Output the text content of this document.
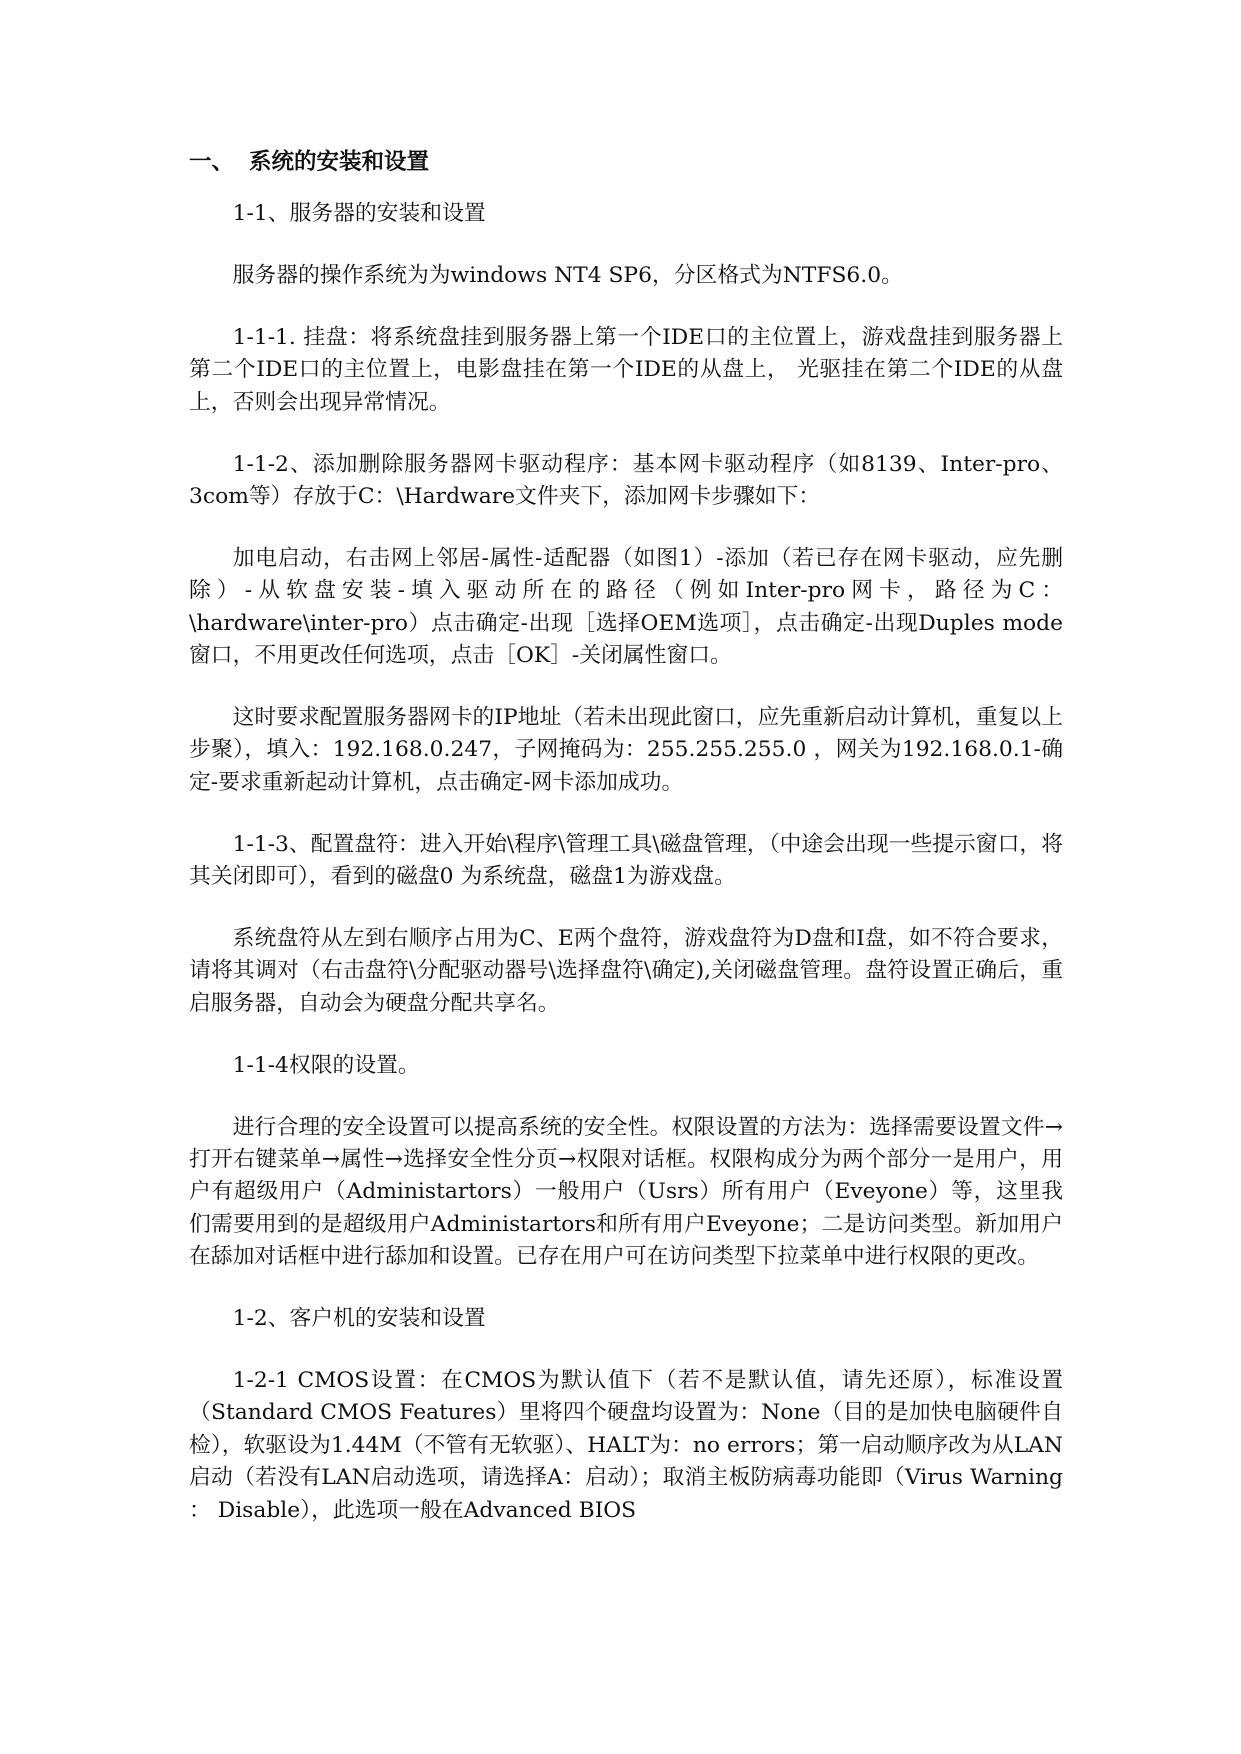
一、 系统的安装和设置

1-1、服务器的安装和设置

服务器的操作系统为为windows NT4 SP6，分区格式为NTFS6.0。

1-1-1. 挂盘：将系统盘挂到服务器上第一个IDE口的主位置上，游戏盘挂到服务器上第二个IDE口的主位置上，电影盘挂在第一个IDE的从盘上， 光驱挂在第二个IDE的从盘上，否则会出现异常情况。

1-1-2、添加删除服务器网卡驱动程序：基本网卡驱动程序（如8139、Inter-pro、3com等）存放于C：\Hardware文件夹下，添加网卡步骤如下：

加电启动，右击网上邻居-属性-适配器（如图1）-添加（若已存在网卡驱动，应先删除）-从软盘安装-填入驱动所在的路径（例如Inter-pro网卡，路径为C：\hardware\inter-pro）点击确定-出现［选择OEM选项］，点击确定-出现Duples mode窗口，不用更改任何选项，点击［OK］-关闭属性窗口。

这时要求配置服务器网卡的IP地址（若未出现此窗口，应先重新启动计算机，重复以上步聚），填入：192.168.0.247，子网掩码为：255.255.255.0 ，网关为192.168.0.1-确定-要求重新起动计算机，点击确定-网卡添加成功。

1-1-3、配置盘符：进入开始\程序\管理工具\磁盘管理，（中途会出现一些提示窗口，将其关闭即可），看到的磁盘0 为系统盘，磁盘1为游戏盘。

系统盘符从左到右顺序占用为C、E两个盘符，游戏盘符为D盘和I盘，如不符合要求，请将其调对（右击盘符\分配驱动器号\选择盘符\确定),关闭磁盘管理。盘符设置正确后，重启服务器，自动会为硬盘分配共享名。

1-1-4权限的设置。

进行合理的安全设置可以提高系统的安全性。权限设置的方法为：选择需要设置文件→打开右键菜单→属性→选择安全性分页→权限对话框。权限构成分为两个部分一是用户，用户有超级用户（Administartors）一般用户（Usrs）所有用户（Eveyone）等，这里我们需要用到的是超级用户Administartors和所有用户Eveyone；二是访问类型。新加用户在舔加对话框中进行舔加和设置。已存在用户可在访问类型下拉菜单中进行权限的更改。

1-2、客户机的安装和设置

1-2-1 CMOS设置：在CMOS为默认值下（若不是默认值，请先还原），标准设置（Standard CMOS Features）里将四个硬盘均设置为：None（目的是加快电脑硬件自检），软驱设为1.44M（不管有无软驱）、HALT为：no errors；第一启动顺序改为从LAN启动（若没有LAN启动选项，请选择A：启动）；取消主板防病毒功能即（Virus Warning ： Disable），此选项一般在Advanced BIOS
